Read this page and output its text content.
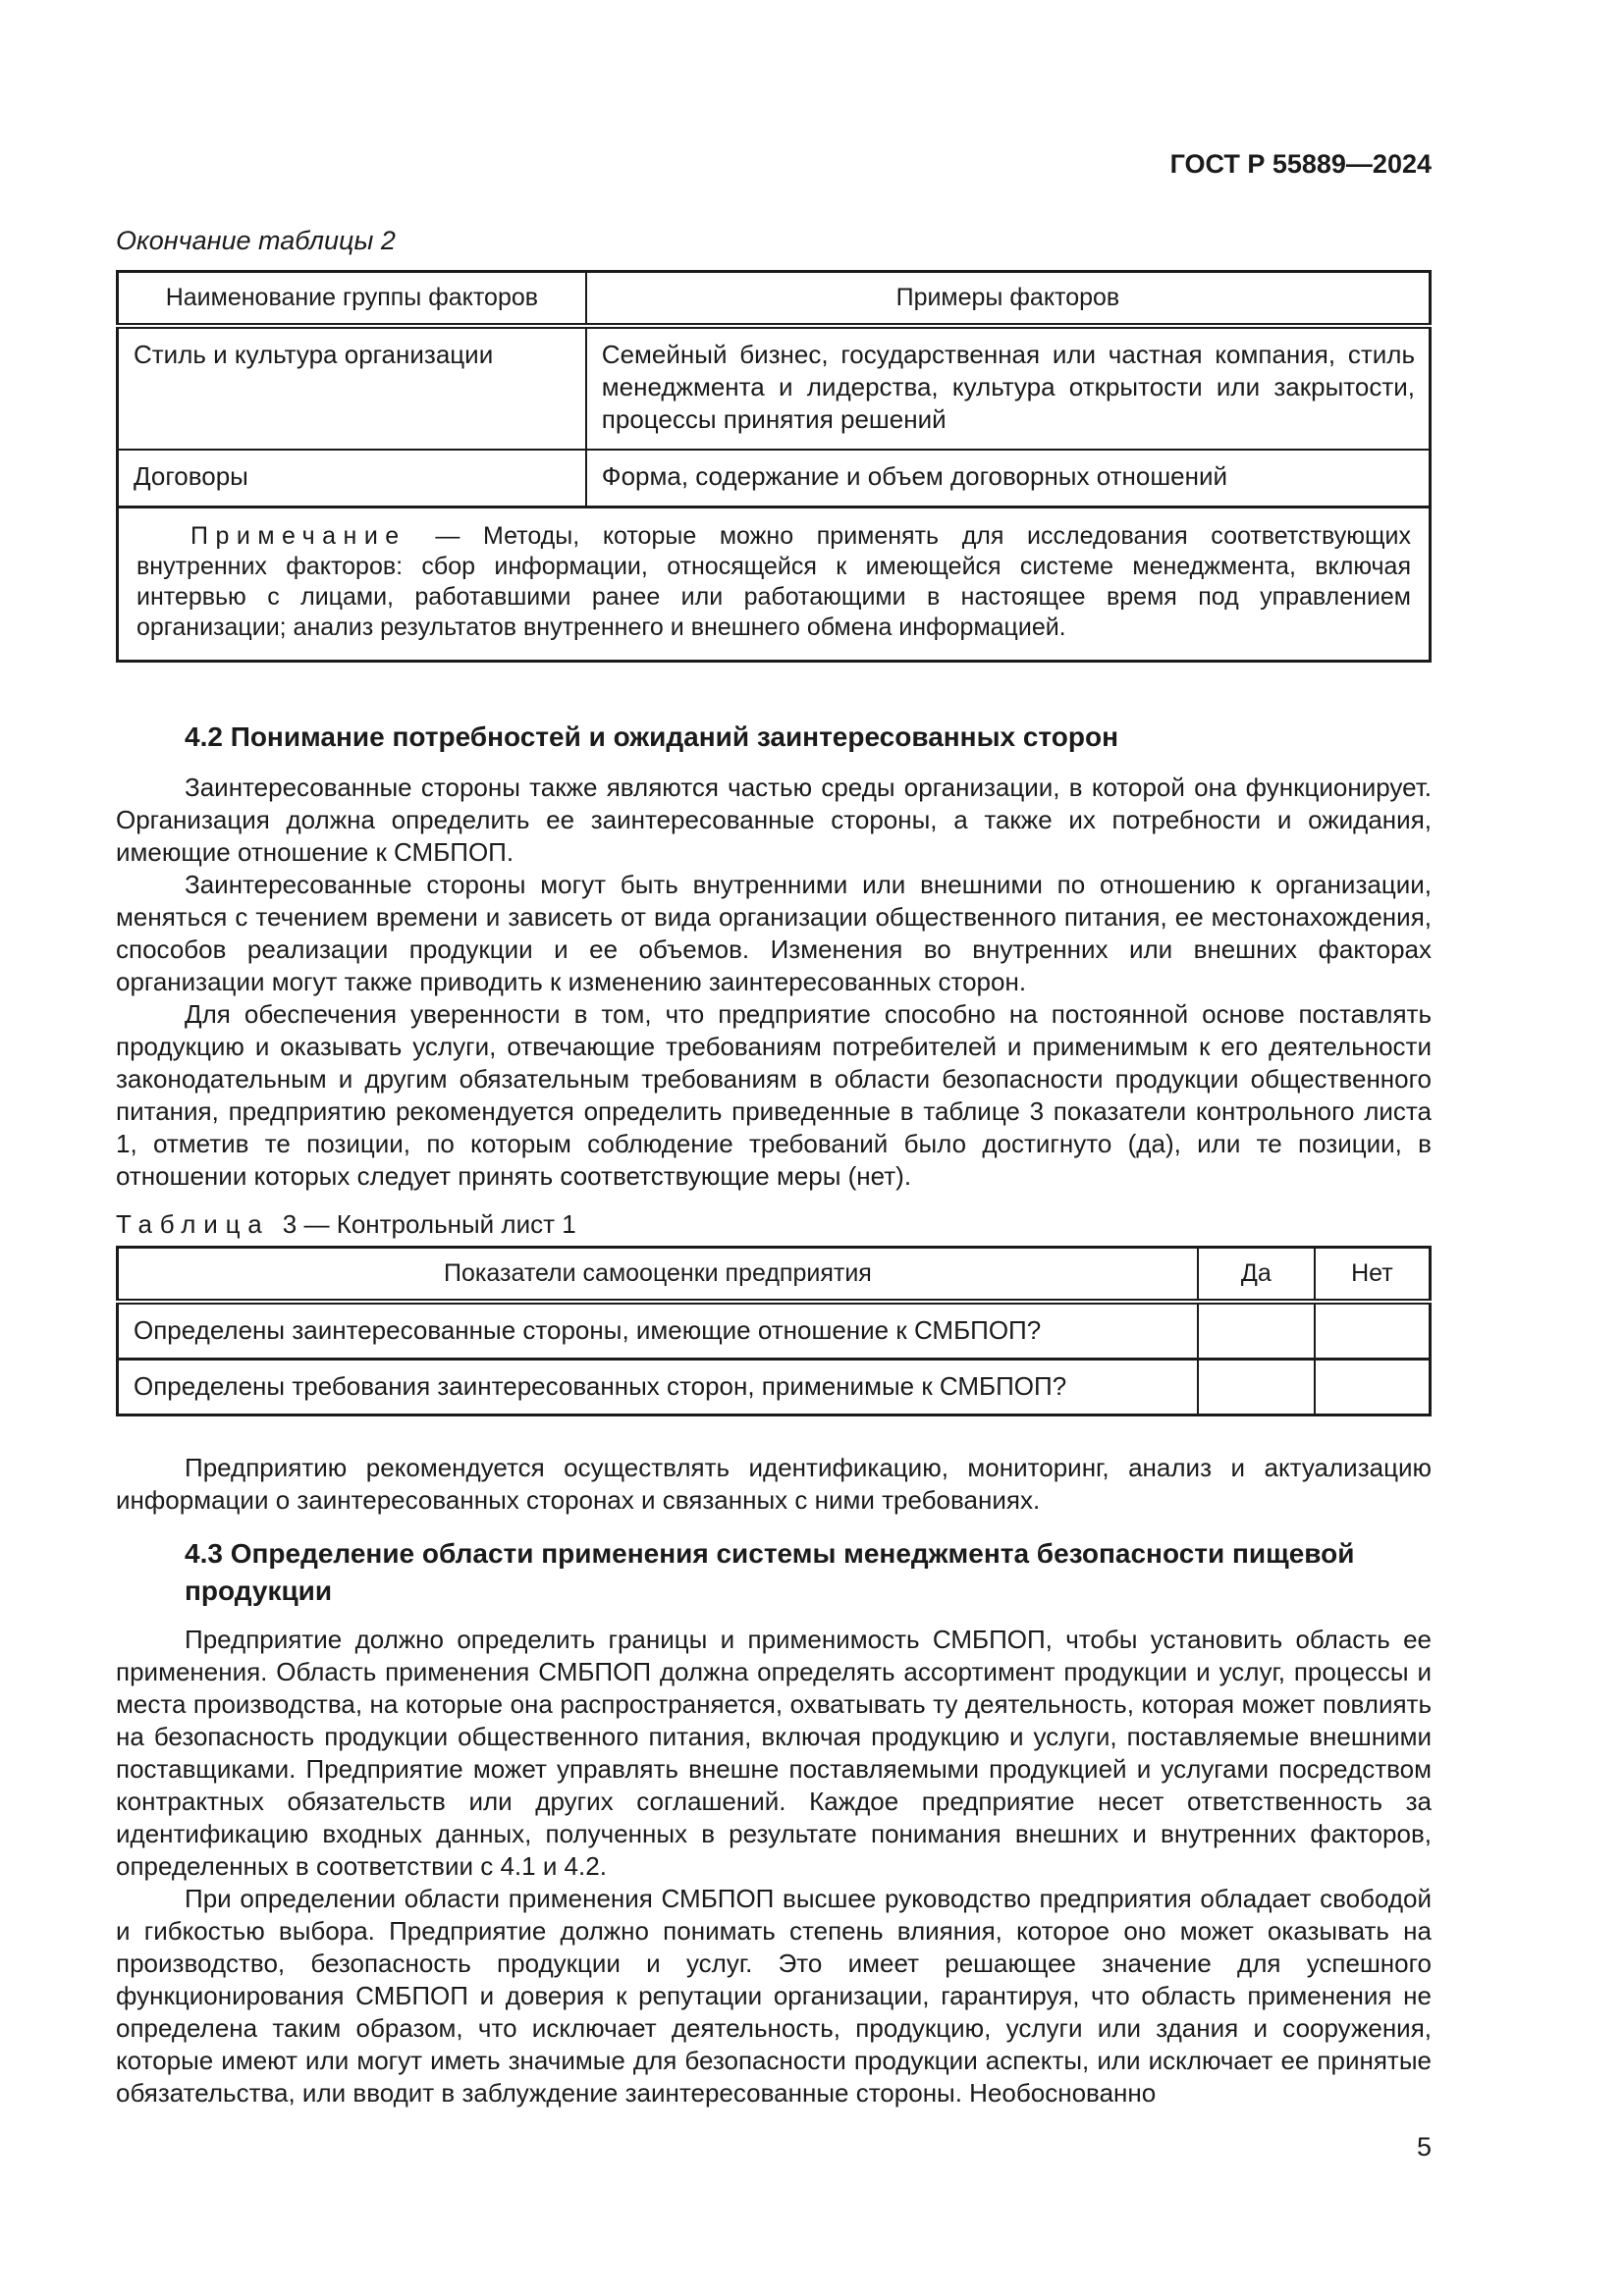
ГОСТ Р 55889—2024
Окончание таблицы 2
Наименование группы факторов	Примеры факторов
Стиль и культура организации	Семейный бизнес, государственная или частная компания, стиль менеджмента и лидерства, культура открытости или закрытости, процессы принятия решений
Договоры	Форма, содержание и объем договорных отношений

Примечание — Методы, которые можно применять для исследования соответствующих внутренних факторов: сбор информации, относящейся к имеющейся системе менеджмента, включая интервью с лицами, работавшими ранее или работающими в настоящее время под управлением организации; анализ результатов внутреннего и внешнего обмена информацией.	

4.2 Понимание потребностей и ожиданий заинтересованных сторон

Заинтересованные стороны также являются частью среды организации, в которой она функционирует. Организация должна определить ее заинтересованные стороны, а также их потребности и ожидания, имеющие отношение к СМБПОП.

Заинтересованные стороны могут быть внутренними или внешними по отношению к организации, меняться с течением времени и зависеть от вида организации общественного питания, ее местонахождения, способов реализации продукции и ее объемов. Изменения во внутренних или внешних факторах организации могут также приводить к изменению заинтересованных сторон.

Для обеспечения уверенности в том, что предприятие способно на постоянной основе поставлять продукцию и оказывать услуги, отвечающие требованиям потребителей и применимым к его деятельности законодательным и другим обязательным требованиям в области безопасности продукции общественного питания, предприятию рекомендуется определить приведенные в таблице 3 показатели контрольного листа 1, отметив те позиции, по которым соблюдение требований было достигнуто (да), или те позиции, в отношении которых следует принять соответствующие меры (нет).

Таблица 3 — Контрольный лист 1
Показатели самооценки предприятия	Да	Нет
Определены заинтересованные стороны, имеющие отношение к СМБПОП?		
Определены требования заинтересованных сторон, применимые к СМБПОП?		

Предприятию рекомендуется осуществлять идентификацию, мониторинг, анализ и актуализацию информации о заинтересованных сторонах и связанных с ними требованиях.

4.3 Определение области применения системы менеджмента безопасности пищевой продукции

Предприятие должно определить границы и применимость СМБПОП, чтобы установить область ее применения. Область применения СМБПОП должна определять ассортимент продукции и услуг, процессы и места производства, на которые она распространяется, охватывать ту деятельность, которая может повлиять на безопасность продукции общественного питания, включая продукцию и услуги, поставляемые внешними поставщиками. Предприятие может управлять внешне поставляемыми продукцией и услугами посредством контрактных обязательств или других соглашений. Каждое предприятие несет ответственность за идентификацию входных данных, полученных в результате понимания внешних и внутренних факторов, определенных в соответствии с 4.1 и 4.2.

При определении области применения СМБПОП высшее руководство предприятия обладает свободой и гибкостью выбора. Предприятие должно понимать степень влияния, которое оно может оказывать на производство, безопасность продукции и услуг. Это имеет решающее значение для успешного функционирования СМБПОП и доверия к репутации организации, гарантируя, что область применения не определена таким образом, что исключает деятельность, продукцию, услуги или здания и сооружения, которые имеют или могут иметь значимые для безопасности продукции аспекты, или исключает ее принятые обязательства, или вводит в заблуждение заинтересованные стороны. Необоснованно

5
